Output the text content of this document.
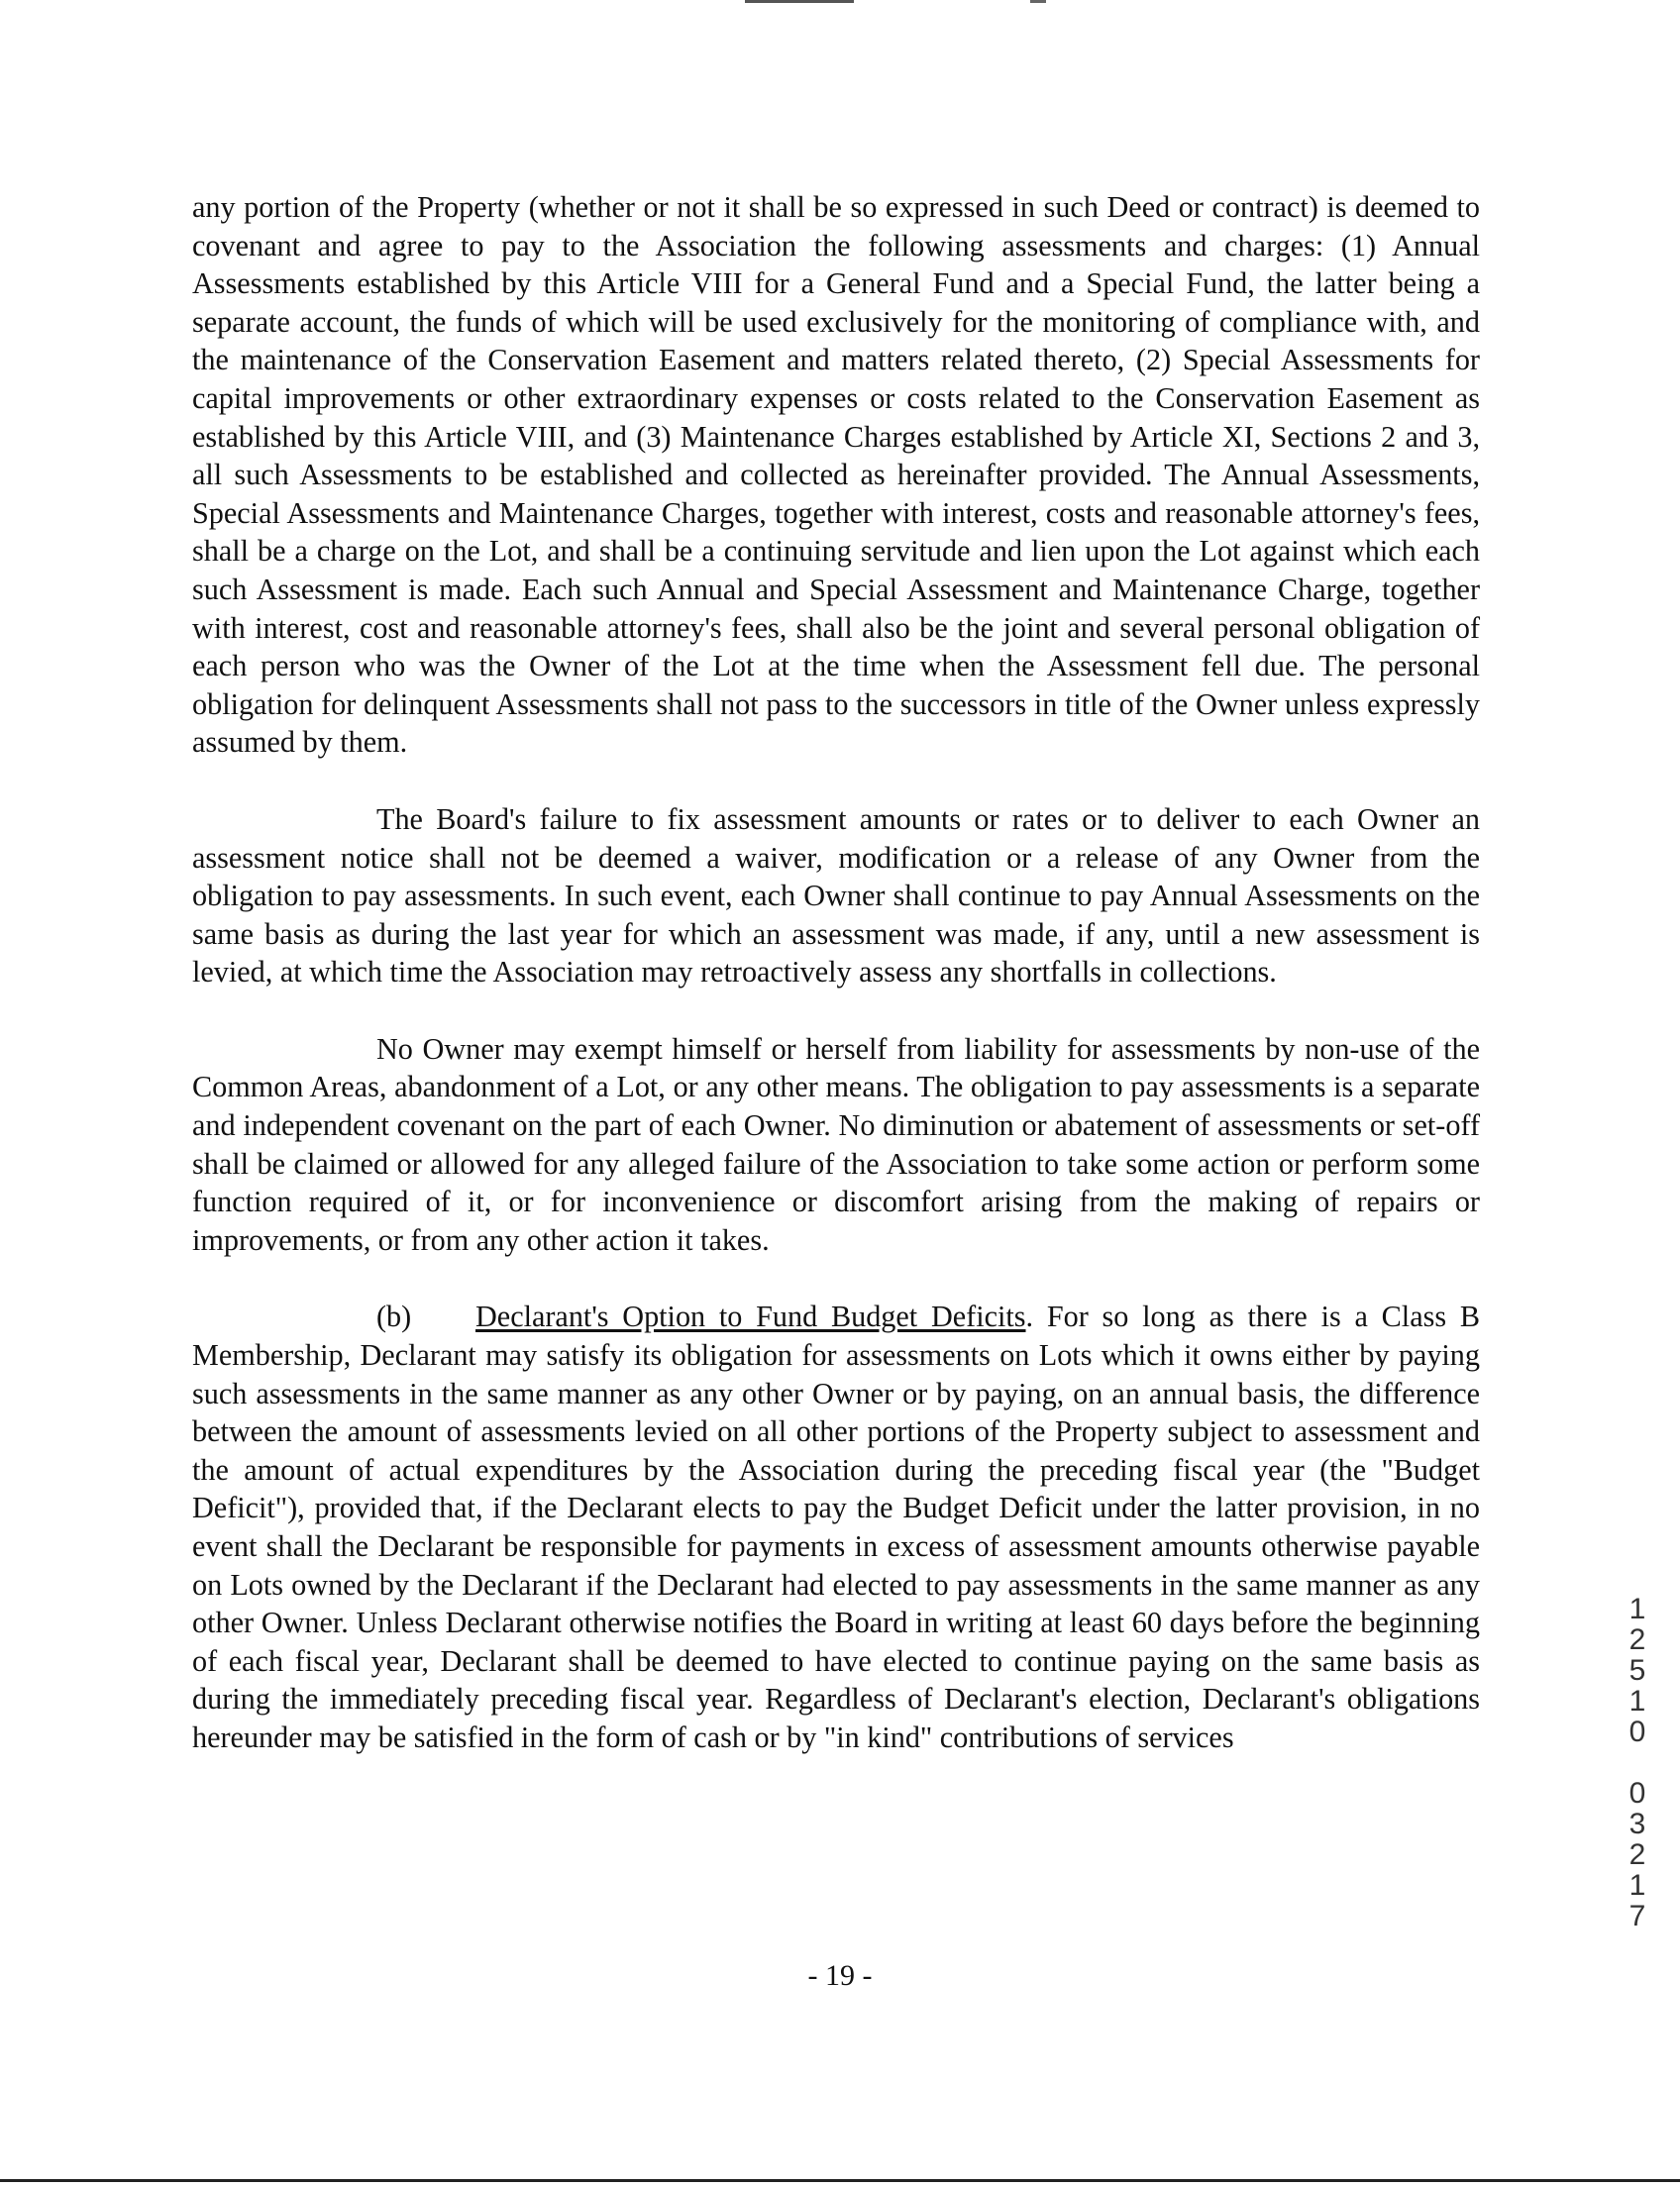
any portion of the Property (whether or not it shall be so expressed in such Deed or contract) is deemed to covenant and agree to pay to the Association the following assessments and charges: (1) Annual Assessments established by this Article VIII for a General Fund and a Special Fund, the latter being a separate account, the funds of which will be used exclusively for the monitoring of compliance with, and the maintenance of the Conservation Easement and matters related thereto, (2) Special Assessments for capital improvements or other extraordinary expenses or costs related to the Conservation Easement as established by this Article VIII, and (3) Maintenance Charges established by Article XI, Sections 2 and 3, all such Assessments to be established and collected as hereinafter provided. The Annual Assessments, Special Assessments and Maintenance Charges, together with interest, costs and reasonable attorney's fees, shall be a charge on the Lot, and shall be a continuing servitude and lien upon the Lot against which each such Assessment is made. Each such Annual and Special Assessment and Maintenance Charge, together with interest, cost and reasonable attorney's fees, shall also be the joint and several personal obligation of each person who was the Owner of the Lot at the time when the Assessment fell due. The personal obligation for delinquent Assessments shall not pass to the successors in title of the Owner unless expressly assumed by them.

The Board's failure to fix assessment amounts or rates or to deliver to each Owner an assessment notice shall not be deemed a waiver, modification or a release of any Owner from the obligation to pay assessments. In such event, each Owner shall continue to pay Annual Assessments on the same basis as during the last year for which an assessment was made, if any, until a new assessment is levied, at which time the Association may retroactively assess any shortfalls in collections.

No Owner may exempt himself or herself from liability for assessments by non-use of the Common Areas, abandonment of a Lot, or any other means. The obligation to pay assessments is a separate and independent covenant on the part of each Owner. No diminution or abatement of assessments or set-off shall be claimed or allowed for any alleged failure of the Association to take some action or perform some function required of it, or for inconvenience or discomfort arising from the making of repairs or improvements, or from any other action it takes.

(b) Declarant's Option to Fund Budget Deficits. For so long as there is a Class B Membership, Declarant may satisfy its obligation for assessments on Lots which it owns either by paying such assessments in the same manner as any other Owner or by paying, on an annual basis, the difference between the amount of assessments levied on all other portions of the Property subject to assessment and the amount of actual expenditures by the Association during the preceding fiscal year (the "Budget Deficit"), provided that, if the Declarant elects to pay the Budget Deficit under the latter provision, in no event shall the Declarant be responsible for payments in excess of assessment amounts otherwise payable on Lots owned by the Declarant if the Declarant had elected to pay assessments in the same manner as any other Owner. Unless Declarant otherwise notifies the Board in writing at least 60 days before the beginning of each fiscal year, Declarant shall be deemed to have elected to continue paying on the same basis as during the immediately preceding fiscal year. Regardless of Declarant's election, Declarant's obligations hereunder may be satisfied in the form of cash or by "in kind" contributions of services

- 19 -
1
2
5
1
0
0
3
2
1
7
